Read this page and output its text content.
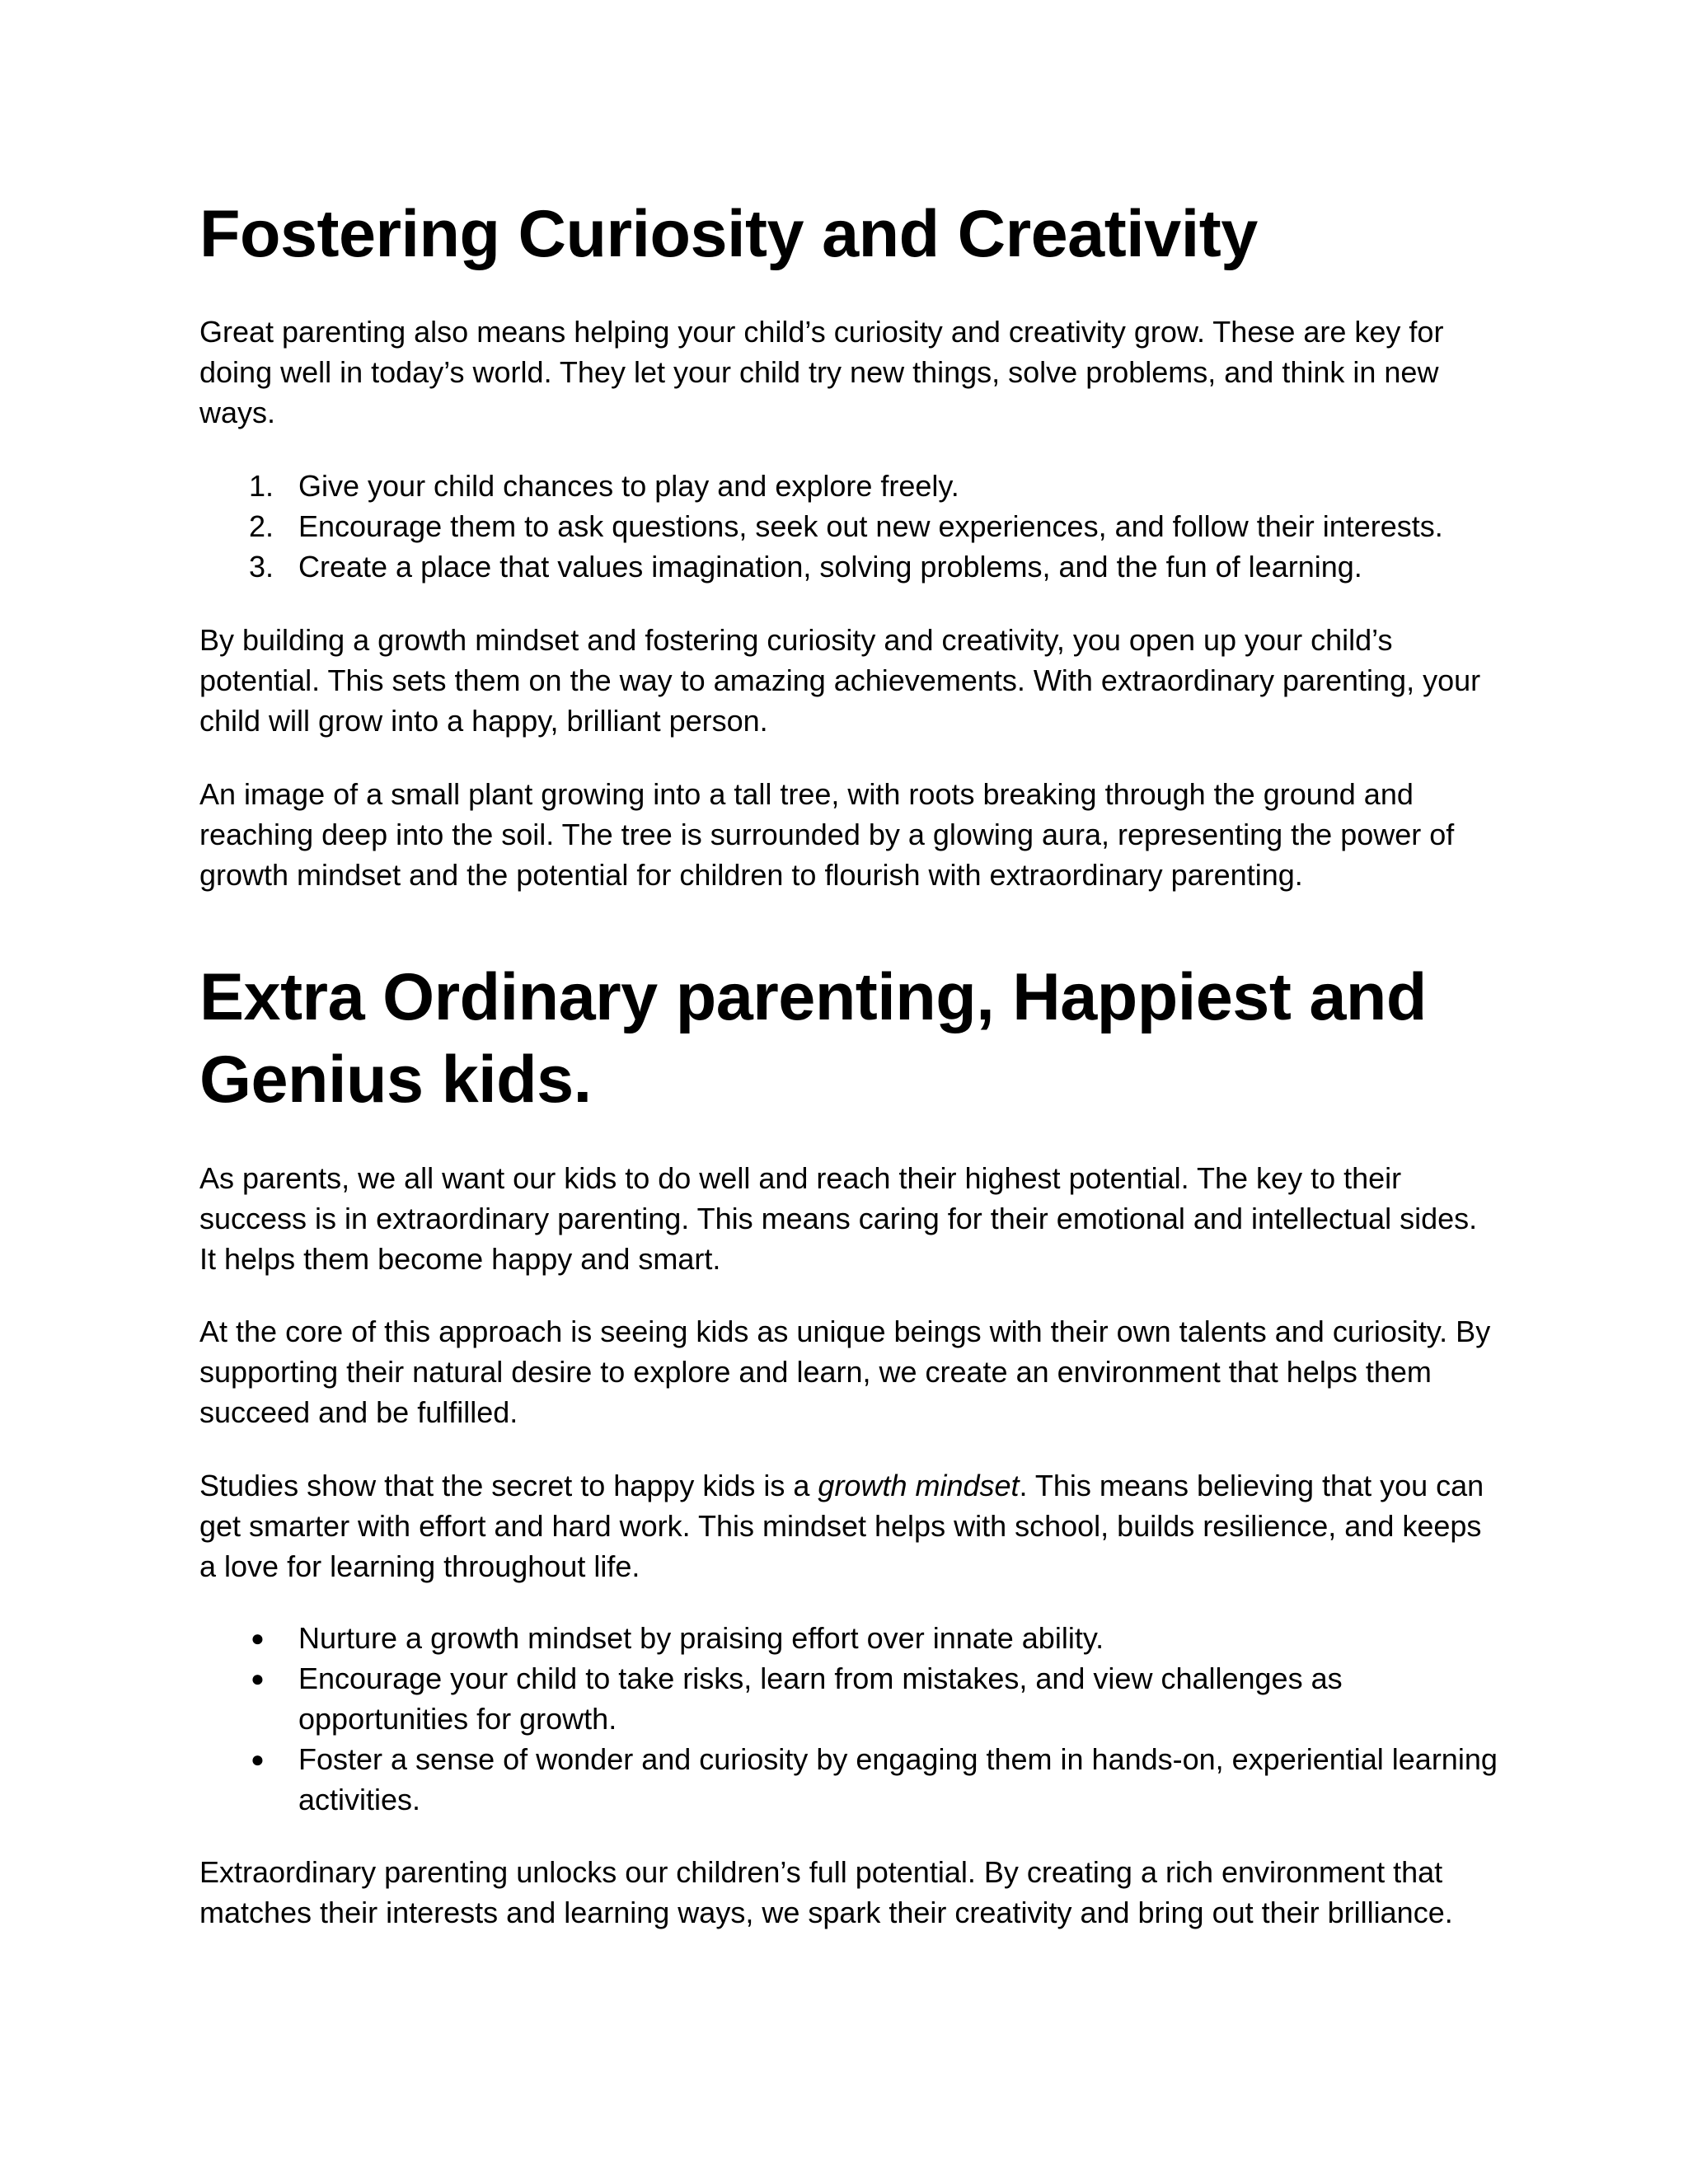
Fostering Curiosity and Creativity

Great parenting also means helping your child’s curiosity and creativity grow. These are key for doing well in today’s world. They let your child try new things, solve problems, and think in new ways.

1. Give your child chances to play and explore freely.
2. Encourage them to ask questions, seek out new experiences, and follow their interests.
3. Create a place that values imagination, solving problems, and the fun of learning.

By building a growth mindset and fostering curiosity and creativity, you open up your child’s potential. This sets them on the way to amazing achievements. With extraordinary parenting, your child will grow into a happy, brilliant person.

An image of a small plant growing into a tall tree, with roots breaking through the ground and reaching deep into the soil. The tree is surrounded by a glowing aura, representing the power of growth mindset and the potential for children to flourish with extraordinary parenting.

Extra Ordinary parenting, Happiest and Genius kids.

As parents, we all want our kids to do well and reach their highest potential. The key to their success is in extraordinary parenting. This means caring for their emotional and intellectual sides. It helps them become happy and smart.

At the core of this approach is seeing kids as unique beings with their own talents and curiosity. By supporting their natural desire to explore and learn, we create an environment that helps them succeed and be fulfilled.

Studies show that the secret to happy kids is a growth mindset. This means believing that you can get smarter with effort and hard work. This mindset helps with school, builds resilience, and keeps a love for learning throughout life.

● Nurture a growth mindset by praising effort over innate ability.
● Encourage your child to take risks, learn from mistakes, and view challenges as opportunities for growth.
● Foster a sense of wonder and curiosity by engaging them in hands-on, experiential learning activities.

Extraordinary parenting unlocks our children’s full potential. By creating a rich environment that matches their interests and learning ways, we spark their creativity and bring out their brilliance.
